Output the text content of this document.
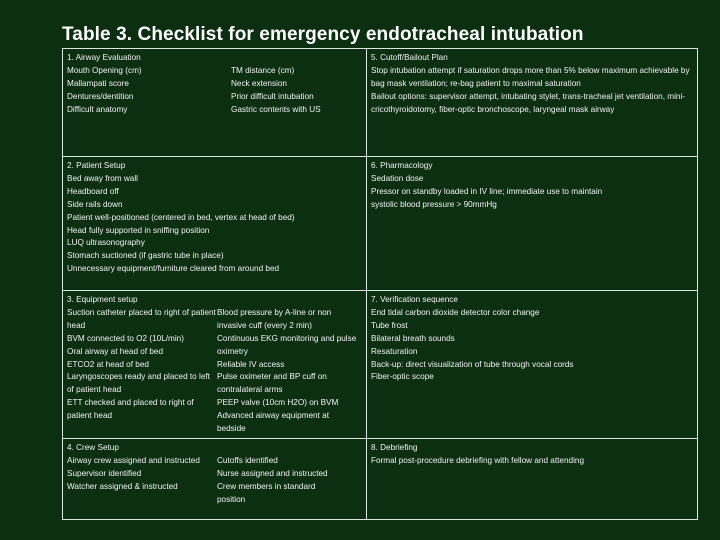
Table 3. Checklist for emergency endotracheal intubation
1. Airway Evaluation
Mouth Opening (cm)
Mallampati score
Dentures/dentition
Difficult anatomy
TM distance (cm)
Neck extension
Prior difficult intubation
Gastric contents with US
5. Cutoff/Bailout Plan
Stop intubation attempt if saturation drops more than 5% below maximum achievable by bag mask ventilation; re-bag patient to maximal saturation
Bailout options: supervisor attempt, intubating stylet, trans-tracheal jet ventilation, mini-cricothyroidotomy, fiber-optic bronchoscope, laryngeal mask airway
2. Patient Setup
Bed away from wall
Headboard off
Side rails down
Patient well-positioned (centered in bed, vertex at head of bed)
Head fully supported in sniffing position
LUQ ultrasonography
Stomach suctioned (if gastric tube in place)
Unnecessary equipment/furniture cleared from around bed
6. Pharmacology
Sedation dose
Pressor on standby loaded in IV line; immediate use to maintain systolic blood pressure > 90mmHg
3. Equipment setup
Suction catheter placed to right of patient head
BVM connected to O2 (10L/min)
Oral airway at head of bed
ETCO2 at head of bed
Laryngoscopes ready and placed to left of patient head
ETT checked and placed to right of patient head
Blood pressure by A-line or non invasive cuff (every 2 min)
Continuous EKG monitoring and pulse oximetry
Reliable IV access
Pulse oximeter and BP cuff on contralateral arms
PEEP valve (10cm H2O) on BVM
Advanced airway equipment at bedside
7. Verification sequence
End tidal carbon dioxide detector color change
Tube frost
Bilateral breath sounds
Resaturation
Back-up: direct visualization of tube through vocal cords
Fiber-optic scope
4. Crew Setup
Airway crew assigned and instructed
Supervisor identified
Watcher assigned & instructed
Cutoffs identified
Nurse assigned and instructed
Crew members in standard position
8. Debriefing
Formal post-procedure debriefing with fellow and attending
